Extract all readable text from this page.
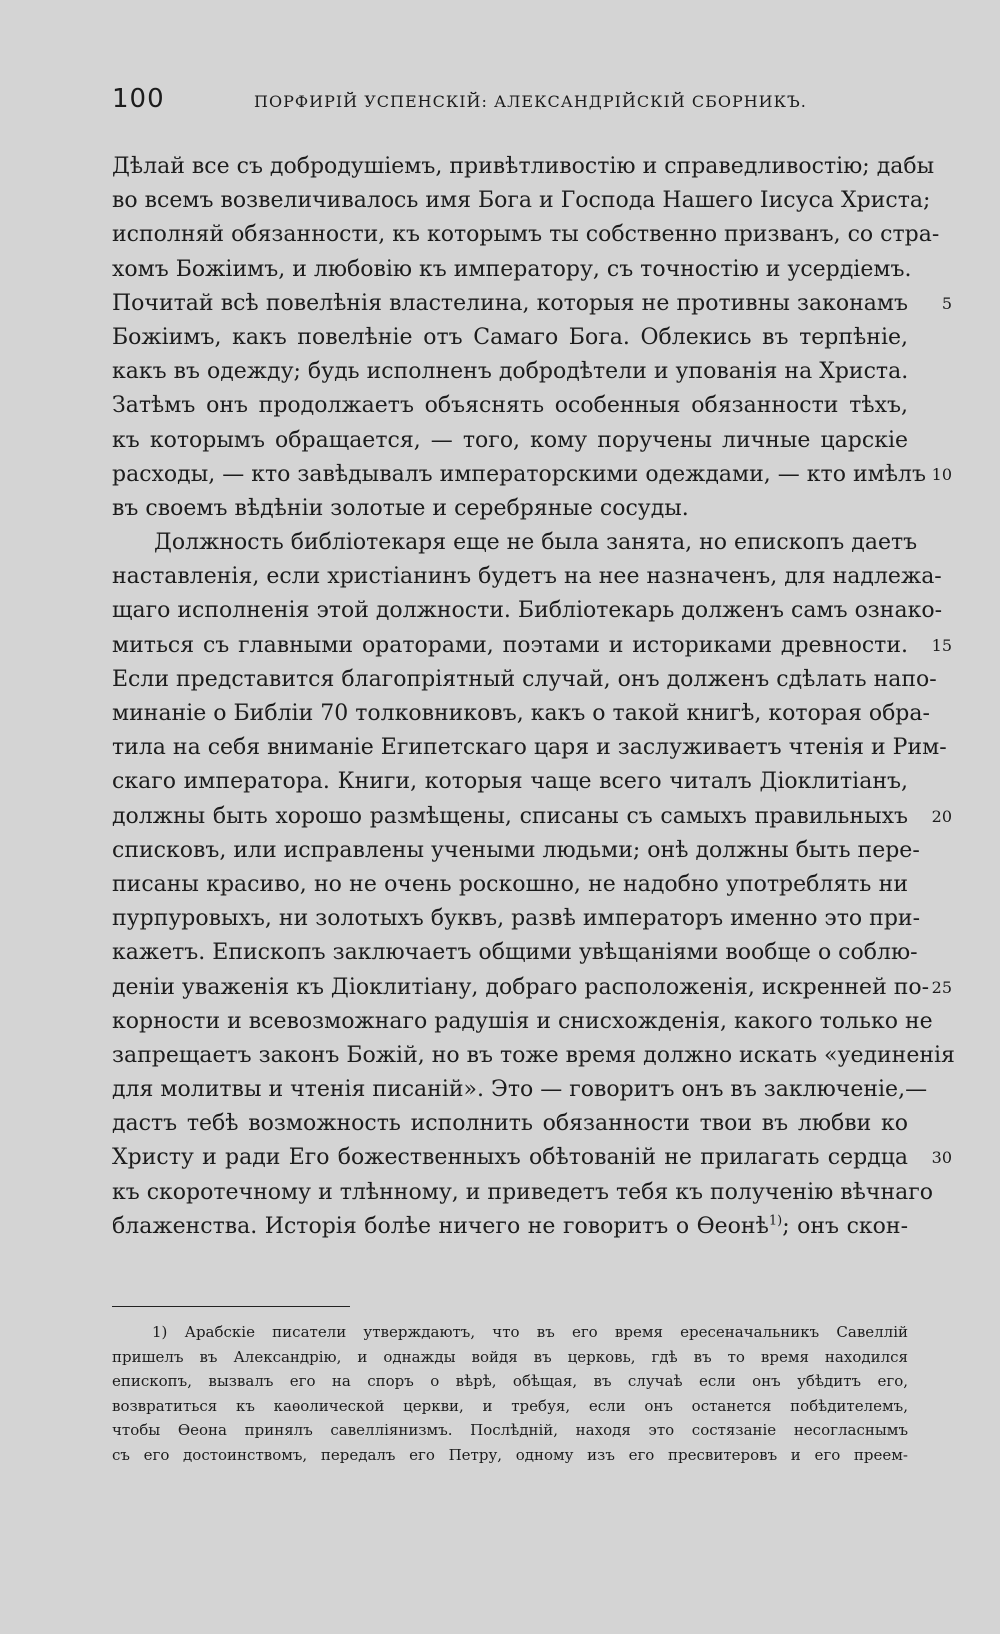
100	ПОРФИРІЙ УСПЕНСКІЙ: АЛЕКСАНДРІЙСКІЙ СБОРНИКЪ.
Дѣлай все съ добродушіемъ, привѣтливостію и справедливостію; дабы
во всемъ возвеличивалось имя Бога и Господа Нашего Іисуса Христа;
исполняй обязанности, къ которымъ ты собственно призванъ, со стра-
хомъ Божіимъ, и любовію къ императору, съ точностію и усердіемъ.
Почитай всѣ повелѣнія властелина, которыя не противны законамъ 5
Божіимъ, какъ повелѣніе отъ Самаго Бога. Облекись въ терпѣніе,
какъ въ одежду; будь исполненъ добродѣтели и упованія на Христа.
Затѣмъ онъ продолжаетъ объяснять особенныя обязанности тѣхъ,
къ которымъ обращается, — того, кому поручены личные царскіе
расходы, — кто завѣдывалъ императорскими одеждами, — кто имѣлъ 10
въ своемъ вѣдѣніи золотые и серебряные сосуды.
Должность библіотекаря еще не была занята, но епископъ даетъ
наставленія, если христіанинъ будетъ на нее назначенъ, для надлежа-
щаго исполненія этой должности. Библіотекарь долженъ самъ ознако-
миться съ главными ораторами, поэтами и историками древности. 15
Если представится благопріятный случай, онъ долженъ сдѣлать напо-
минаніе о Библіи 70 толковниковъ, какъ о такой книгѣ, которая обра-
тила на себя вниманіе Египетскаго царя и заслуживаетъ чтенія и Рим-
скаго императора. Книги, которыя чаще всего читалъ Діоклитіанъ,
должны быть хорошо размѣщены, списаны съ самыхъ правильныхъ 20
списковъ, или исправлены учеными людьми; онѣ должны быть пере-
писаны красиво, но не очень роскошно, не надобно употреблять ни
пурпуровыхъ, ни золотыхъ буквъ, развѣ императоръ именно это при-
кажетъ. Епископъ заключаетъ общими увѣщаніями вообще о соблю-
деніи уваженія къ Діоклитіану, добраго расположенія, искренней по- 25
корности и всевозможнаго радушія и снисхожденія, какого только не
запрещаетъ законъ Божій, но въ тоже время должно искать «уединенія
для молитвы и чтенія писаній». Это — говоритъ онъ въ заключеніе,—
дастъ тебѣ возможность исполнить обязанности твои въ любви ко
Христу и ради Его божественныхъ обѣтованій не прилагать сердца 30
къ скоротечному и тлѣнному, и приведетъ тебя къ полученію вѣчнаго
блаженства. Исторія болѣе ничего не говоритъ о Ѳеонѣ$^{1)}$; онъ скон-
1) Арабскіе писатели утверждаютъ, что въ его время ересеначальникъ Савеллій
пришелъ въ Александрію, и однажды войдя въ церковь, гдѣ въ то время находился
епископъ, вызвалъ его на споръ о вѣрѣ, обѣщая, въ случаѣ если онъ убѣдитъ его,
возвратиться къ каѳолической церкви, и требуя, если онъ останется побѣдителемъ,
чтобы Ѳеона принялъ савелліянизмъ. Послѣдній, находя это состязаніе несогласнымъ
съ его достоинствомъ, передалъ его Петру, одному изъ его пресвитеровъ и его преем-
